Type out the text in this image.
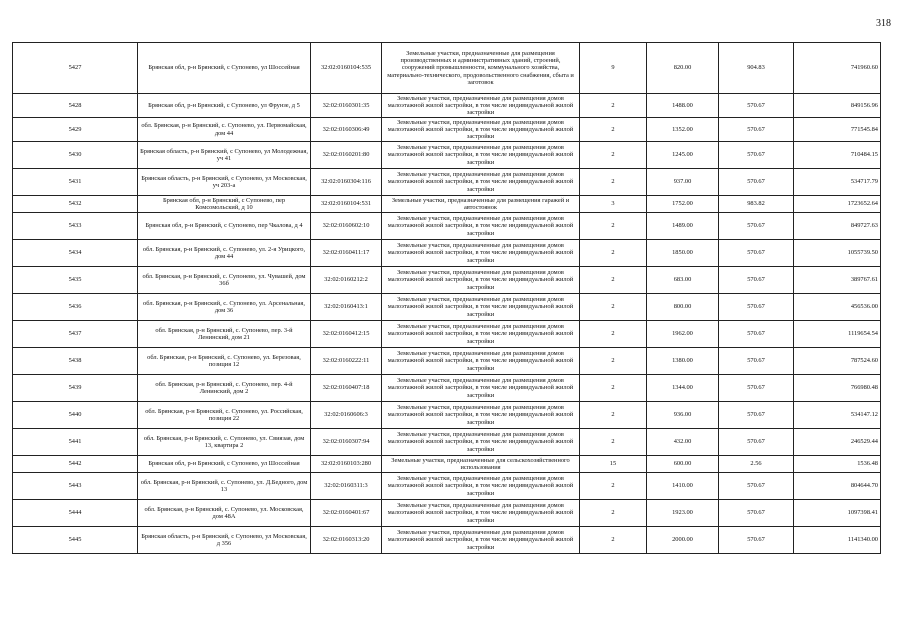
318
5427	Брянская обл, р-н Брянский, с Супонево, ул Шоссейная	32:02:0160104:535	Земельные участки, предназначенные для размещения производственных и административных зданий, строений, сооружений промышленности, коммунального хозяйства, материально-технического, продовольственного снабжения, сбыта и заготовок	9	820.00	904.83	741960.60
5428	Брянская обл, р-н Брянский, с Супонево, ул Фрунзе, д 5	32:02:0160301:35	Земельные участки, предназначенные для размещения домов малоэтажной жилой застройки, в том числе индивидуальной жилой застройки	2	1488.00	570.67	849156.96
5429	обл. Брянская, р-н Брянский, с. Супонево, ул. Первомайская, дом 44	32:02:0160306:49	Земельные участки, предназначенные для размещения домов малоэтажной жилой застройки, в том числе индивидуальной жилой застройки	2	1352.00	570.67	771545.84
5430	Брянская область, р-н Брянский, с Супонево, ул Молодежная, уч 41	32:02:0160201:80	Земельные участки, предназначенные для размещения домов малоэтажной жилой застройки, в том числе индивидуальной жилой застройки	2	1245.00	570.67	710484.15
5431	Брянская область, р-н Брянский, с Супонево, ул Московская, уч 203-а	32:02:0160304:116	Земельные участки, предназначенные для размещения домов малоэтажной жилой застройки, в том числе индивидуальной жилой застройки	2	937.00	570.67	534717.79
5432	Брянская обл, р-н Брянский, с Супонево, пер Комсомольский, д 10	32:02:0160104:531	Земельные участки, предназначенные для размещения гаражей и автостоянок	3	1752.00	983.82	1723652.64
5433	Брянская обл, р-н Брянский, с Супонево, пер Чкалова, д 4	32:02:0160602:10	Земельные участки, предназначенные для размещения домов малоэтажной жилой застройки, в том числе индивидуальной жилой застройки	2	1489.00	570.67	849727.63
5434	обл. Брянская, р-н Брянский, с. Супонево, ул. 2-я Урицкого, дом 44	32:02:0160411:17	Земельные участки, предназначенные для размещения домов малоэтажной жилой застройки, в том числе индивидуальной жилой застройки	2	1850.00	570.67	1055739.50
5435	обл. Брянская, р-н Брянский, с. Супонево, ул. Чувашей, дом 36б	32:02:0160212:2	Земельные участки, предназначенные для размещения домов малоэтажной жилой застройки, в том числе индивидуальной жилой застройки	2	683.00	570.67	389767.61
5436	обл. Брянская, р-н Брянский, с. Супонево, ул. Арсенальная, дом 36	32:02:0160413:1	Земельные участки, предназначенные для размещения домов малоэтажной жилой застройки, в том числе индивидуальной жилой застройки	2	800.00	570.67	456536.00
5437	обл. Брянская, р-н Брянский, с. Супонево, пер. 3-й Ленинский, дом 21	32:02:0160412:15	Земельные участки, предназначенные для размещения домов малоэтажной жилой застройки, в том числе индивидуальной жилой застройки	2	1962.00	570.67	1119654.54
5438	обл. Брянская, р-н Брянский, с. Супонево, ул. Березовая, позиция 12	32:02:0160222:11	Земельные участки, предназначенные для размещения домов малоэтажной жилой застройки, в том числе индивидуальной жилой застройки	2	1380.00	570.67	787524.60
5439	обл. Брянская, р-н Брянский, с. Супонево, пер. 4-й Ленинский, дом 2	32:02:0160407:18	Земельные участки, предназначенные для размещения домов малоэтажной жилой застройки, в том числе индивидуальной жилой застройки	2	1344.00	570.67	766980.48
5440	обл. Брянская, р-н Брянский, с. Супонево, ул. Российская, позиция 22	32:02:0160606:3	Земельные участки, предназначенные для размещения домов малоэтажной жилой застройки, в том числе индивидуальной жилой застройки	2	936.00	570.67	534147.12
5441	обл. Брянская, р-н Брянский, с. Супонево, ул. Свиязая, дом 13, квартира 2	32:02:0160307:94	Земельные участки, предназначенные для размещения домов малоэтажной жилой застройки, в том числе индивидуальной жилой застройки	2	432.00	570.67	246529.44
5442	Брянская обл, р-н Брянский, с Супонево, ул Шоссейная	32:02:0160103:280	Земельные участки, предназначенные для сельскохозяйственного использования	15	600.00	2.56	1536.48
5443	обл. Брянская, р-н Брянский, с. Супонево, ул. Д.Бедного, дом 13	32:02:0160311:3	Земельные участки, предназначенные для размещения домов малоэтажной жилой застройки, в том числе индивидуальной жилой застройки	2	1410.00	570.67	804644.70
5444	обл. Брянская, р-н Брянский, с. Супонево, ул. Московская, дом 48А	32:02:0160401:67	Земельные участки, предназначенные для размещения домов малоэтажной жилой застройки, в том числе индивидуальной жилой застройки	2	1923.00	570.67	1097398.41
5445	Брянская область, р-н Брянский, с Супонево, ул Московская, д 356	32:02:0160313:20	Земельные участки, предназначенные для размещения домов малоэтажной жилой застройки, в том числе индивидуальной жилой застройки	2	2000.00	570.67	1141340.00
